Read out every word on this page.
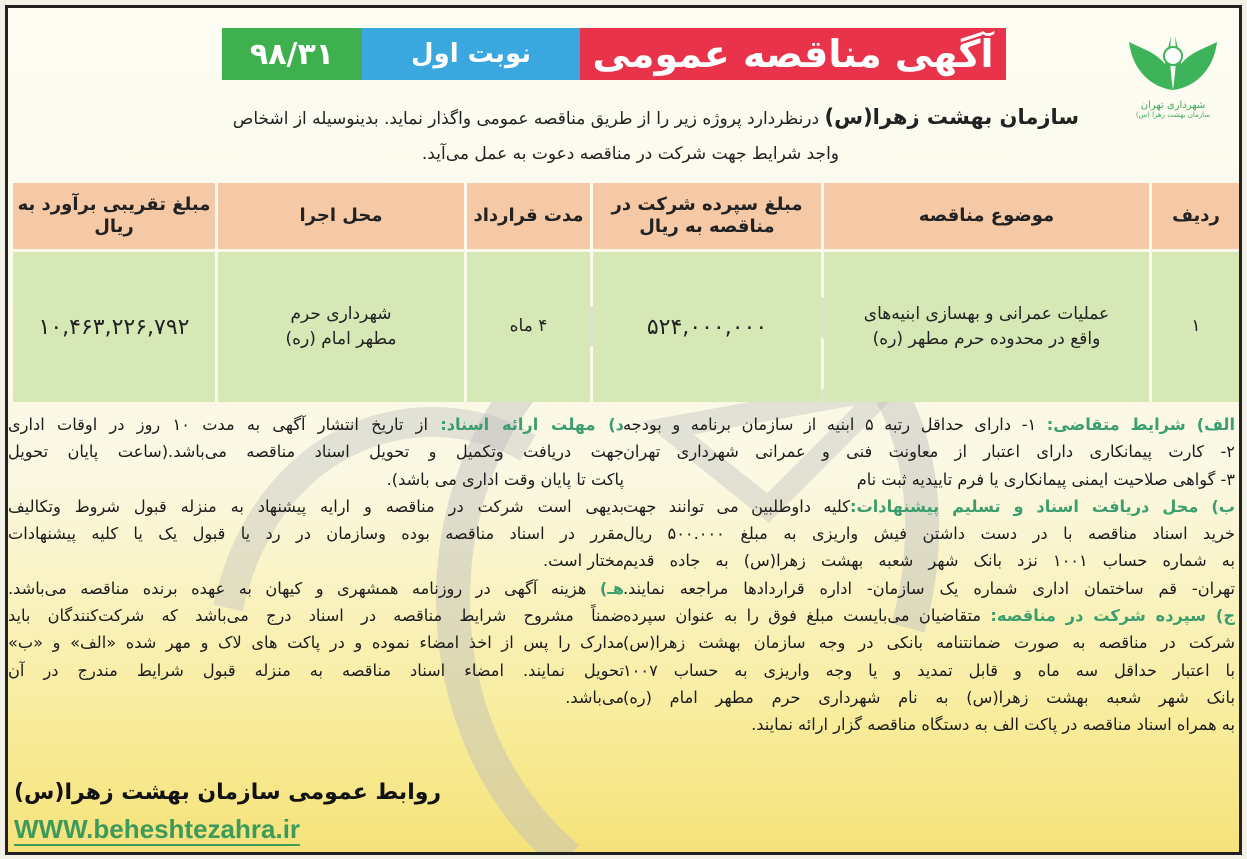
۹۸/۳۱	نوبت اول	آگهی مناقصه عمومی
شهرداری تهران
سازمان بهشت زهرا (س)
سازمان بهشت زهرا(س) درنظردارد پروژه زیر را از طریق مناقصه عمومی واگذار نماید. بدینوسیله از اشخاص
واجد شرایط جهت شرکت در مناقصه دعوت به عمل می‌آید.
ردیف	موضوع مناقصه	مبلغ سپرده شرکت در مناقصه به ریال	مدت قرارداد	محل اجرا	مبلغ تقریبی برآورد به ریال
۱	عملیات عمرانی و بهسازی ابنیه‌های واقع در محدوده حرم مطهر (ره)	۵۲۴,۰۰۰,۰۰۰	۴ ماه	شهرداری حرم مطهر امام (ره)	۱۰,۴۶۳,۲۲۶,۷۹۲
الف) شرایط متقاضی: ۱- دارای حداقل رتبه ۵ ابنیه از سازمان برنامه و بودجه
۲- کارت پیمانکاری دارای اعتبار از معاونت فنی و عمرانی شهرداری تهران
۳- گواهی صلاحیت ایمنی پیمانکاری یا فرم تاییدیه ثبت نام
ب) محل دریافت اسناد و تسلیم پیشنهادات:کلیه داوطلبین می توانند جهت
خرید اسناد مناقصه با در دست داشتن فیش واریزی به مبلغ ۵۰۰.۰۰۰ ریال
به شماره حساب ۱۰۰۱ نزد بانک شهر شعبه بهشت زهرا(س) به جاده قدیم
تهران- قم ساختمان اداری شماره یک سازمان- اداره قراردادها مراجعه نمایند.
ج) سپرده شرکت در مناقصه: متقاضیان می‌بایست مبلغ فوق را به عنوان سپرده
شرکت در مناقصه به صورت ضمانتنامه بانکی در وجه سازمان بهشت زهرا(س)
با اعتبار حداقل سه ماه و قابل تمدید و یا وجه واریزی به حساب ۱۰۰۷
بانک شهر شعبه بهشت زهرا(س) به نام شهرداری حرم مطهر امام (ره)
به همراه اسناد مناقصه در پاکت الف به دستگاه مناقصه گزار ارائه نمایند.
د) مهلت ارائه اسناد: از تاریخ انتشار آگهی به مدت ۱۰ روز در اوقات اداری
جهت دریافت وتکمیل و تحویل اسناد مناقصه می‌باشد.(ساعت پایان تحویل
پاکت تا پایان وقت اداری می باشد).
بدیهی است شرکت در مناقصه و ارایه پیشنهاد به منزله قبول شروط وتکالیف
مقرر در اسناد مناقصه بوده وسازمان در رد یا قبول یک یا کلیه پیشنهادات
مختار است.
هـ) هزینه آگهی در روزنامه همشهری و کیهان به عهده برنده مناقصه می‌باشد.
ضمناً مشروح شرایط مناقصه در اسناد درج می‌باشد که شرکت‌کنندگان باید
مدارک را پس از اخذ امضاء نموده و در پاکت های لاک و مهر شده «الف» و «ب»
تحویل نمایند. امضاء اسناد مناقصه به منزله قبول شرایط مندرج در آن
می‌باشد.
روابط عمومی سازمان بهشت زهرا(س)
WWW.beheshtezahra.ir
